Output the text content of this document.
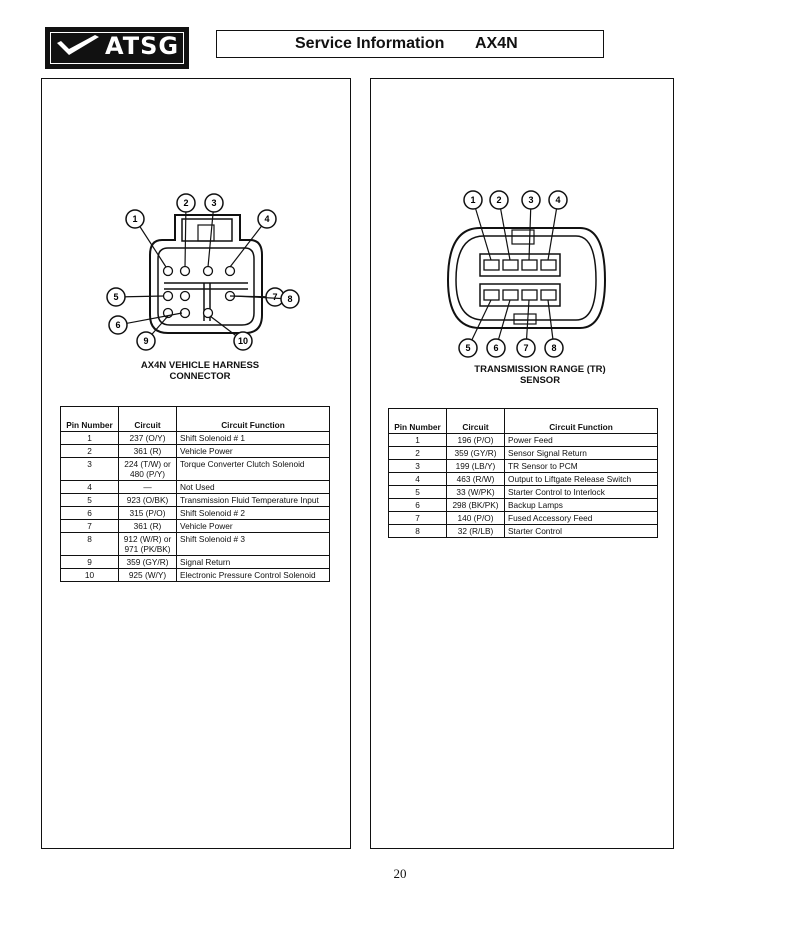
ATSG	Service Information AX4N
1
2	3
4
5
6
7 8
9	10
AX4N VEHICLE HARNESS
CONNECTOR
Pin Number	Circuit	Circuit Function
1	237 (O/Y)	Shift Solenoid # 1
2	361 (R)	Vehicle Power
3	224 (T/W) or 480 (P/Y)	Torque Converter Clutch Solenoid
4	—	Not Used
5	923 (O/BK)	Transmission Fluid Temperature Input
6	315 (P/O)	Shift Solenoid # 2
7	361 (R)	Vehicle Power
8	912 (W/R) or 971 (PK/BK)	Shift Solenoid # 3
9	359 (GY/R)	Signal Return
10	925 (W/Y)	Electronic Pressure Control Solenoid
1 2	3 4
5	6	7	8
TRANSMISSION RANGE (TR)
SENSOR
Pin Number	Circuit	Circuit Function
1	196 (P/O)	Power Feed
2	359 (GY/R)	Sensor Signal Return
3	199 (LB/Y)	TR Sensor to PCM
4	463 (R/W)	Output to Liftgate Release Switch
5	33 (W/PK)	Starter Control to Interlock
6	298 (BK/PK)	Backup Lamps
7	140 (P/O)	Fused Accessory Feed
8	32 (R/LB)	Starter Control
20
